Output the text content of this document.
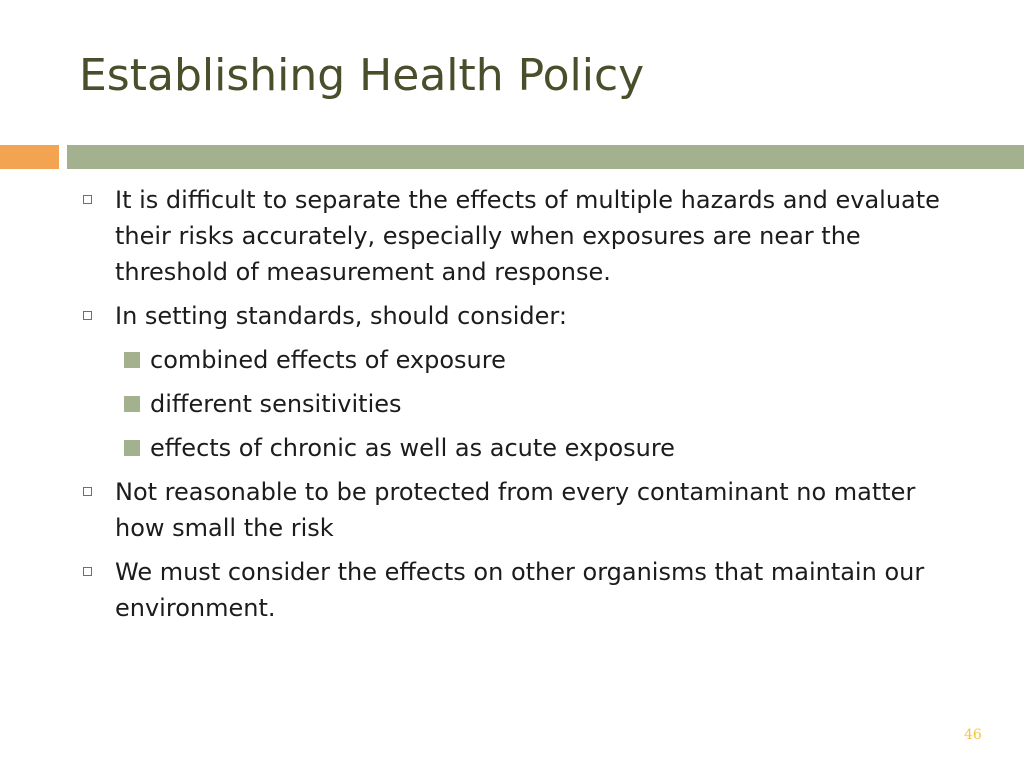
Establishing Health Policy
It is difficult to separate the effects of multiple hazards and evaluate their risks accurately, especially when exposures are near the threshold of measurement and response.
In setting standards, should consider:
combined effects of exposure
different sensitivities
effects of chronic as well as acute exposure
Not reasonable to be protected from every contaminant no matter how small the risk
We must consider the effects on other organisms that maintain our environment.
46
